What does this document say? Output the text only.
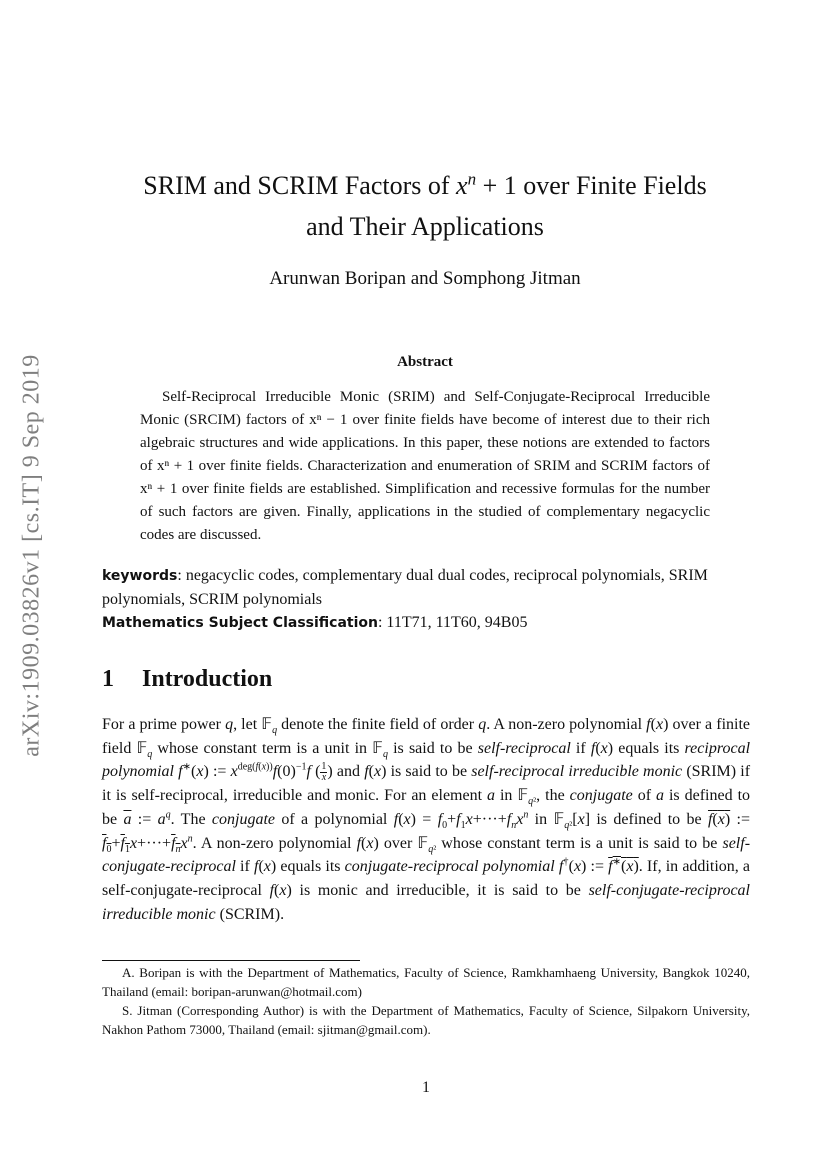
arXiv:1909.03826v1 [cs.IT] 9 Sep 2019
SRIM and SCRIM Factors of $x^n + 1$ over Finite Fields
and Their Applications
Arunwan Boripan and Somphong Jitman
Abstract

Self-Reciprocal Irreducible Monic (SRIM) and Self-Conjugate-Reciprocal Irreducible Monic (SRCIM) factors of xⁿ − 1 over finite fields have become of interest due to their rich algebraic structures and wide applications. In this paper, these notions are extended to factors of xⁿ + 1 over finite fields. Characterization and enumeration of SRIM and SCRIM factors of xⁿ + 1 over finite fields are established. Simplification and recessive formulas for the number of such factors are given. Finally, applications in the studied of complementary negacyclic codes are discussed.

keywords: negacyclic codes, complementary dual dual codes, reciprocal polynomials, SRIM polynomials, SCRIM polynomials

Mathematics Subject Classification: 11T71, 11T60, 94B05

1 Introduction

For a prime power q, let 𝔽$_q$ denote the finite field of order q. A non-zero polynomial f(x) over a finite field 𝔽$_q$ whose constant term is a unit in 𝔽$_q$ is said to be self-reciprocal if f(x) equals its reciprocal polynomial f∗(x) := $x^{deg(f(x))}f(0)^{-1}f$ ( $\frac{1}{x}$ ) and f(x) is said to be self-reciprocal irreducible monic (SRIM) if it is self-reciprocal, irreducible and monic. For an element a in 𝔽$_{q^2}$, the conjugate of a is defined to be $\overline{a}$ := $a^q$. The conjugate of a polynomial $f(x) = f_0+f_1x+\cdot\cdot\cdot+f_nx^n$ in 𝔽$_{q^2}$[x] is defined to be f(x) := $f_0+f_1x+\cdot\cdot\cdot+f_nx^n$. A non-zero polynomial f(x) over 𝔽$_{q^2}$ whose constant term is a unit is said to be self-conjugate-reciprocal if f(x) equals its conjugate-reciprocal polynomial f†(x) := f∗(x). If, in addition, a self-conjugate-reciprocal f(x) is monic and irreducible, it is said to be self-conjugate-reciprocal irreducible monic (SCRIM).

A. Boripan is with the Department of Mathematics, Faculty of Science, Ramkhamhaeng University, Bangkok 10240, Thailand (email: boripan-arunwan@hotmail.com)

S. Jitman (Corresponding Author) is with the Department of Mathematics, Faculty of Science, Silpakorn University, Nakhon Pathom 73000, Thailand (email: sjitman@gmail.com).

1
